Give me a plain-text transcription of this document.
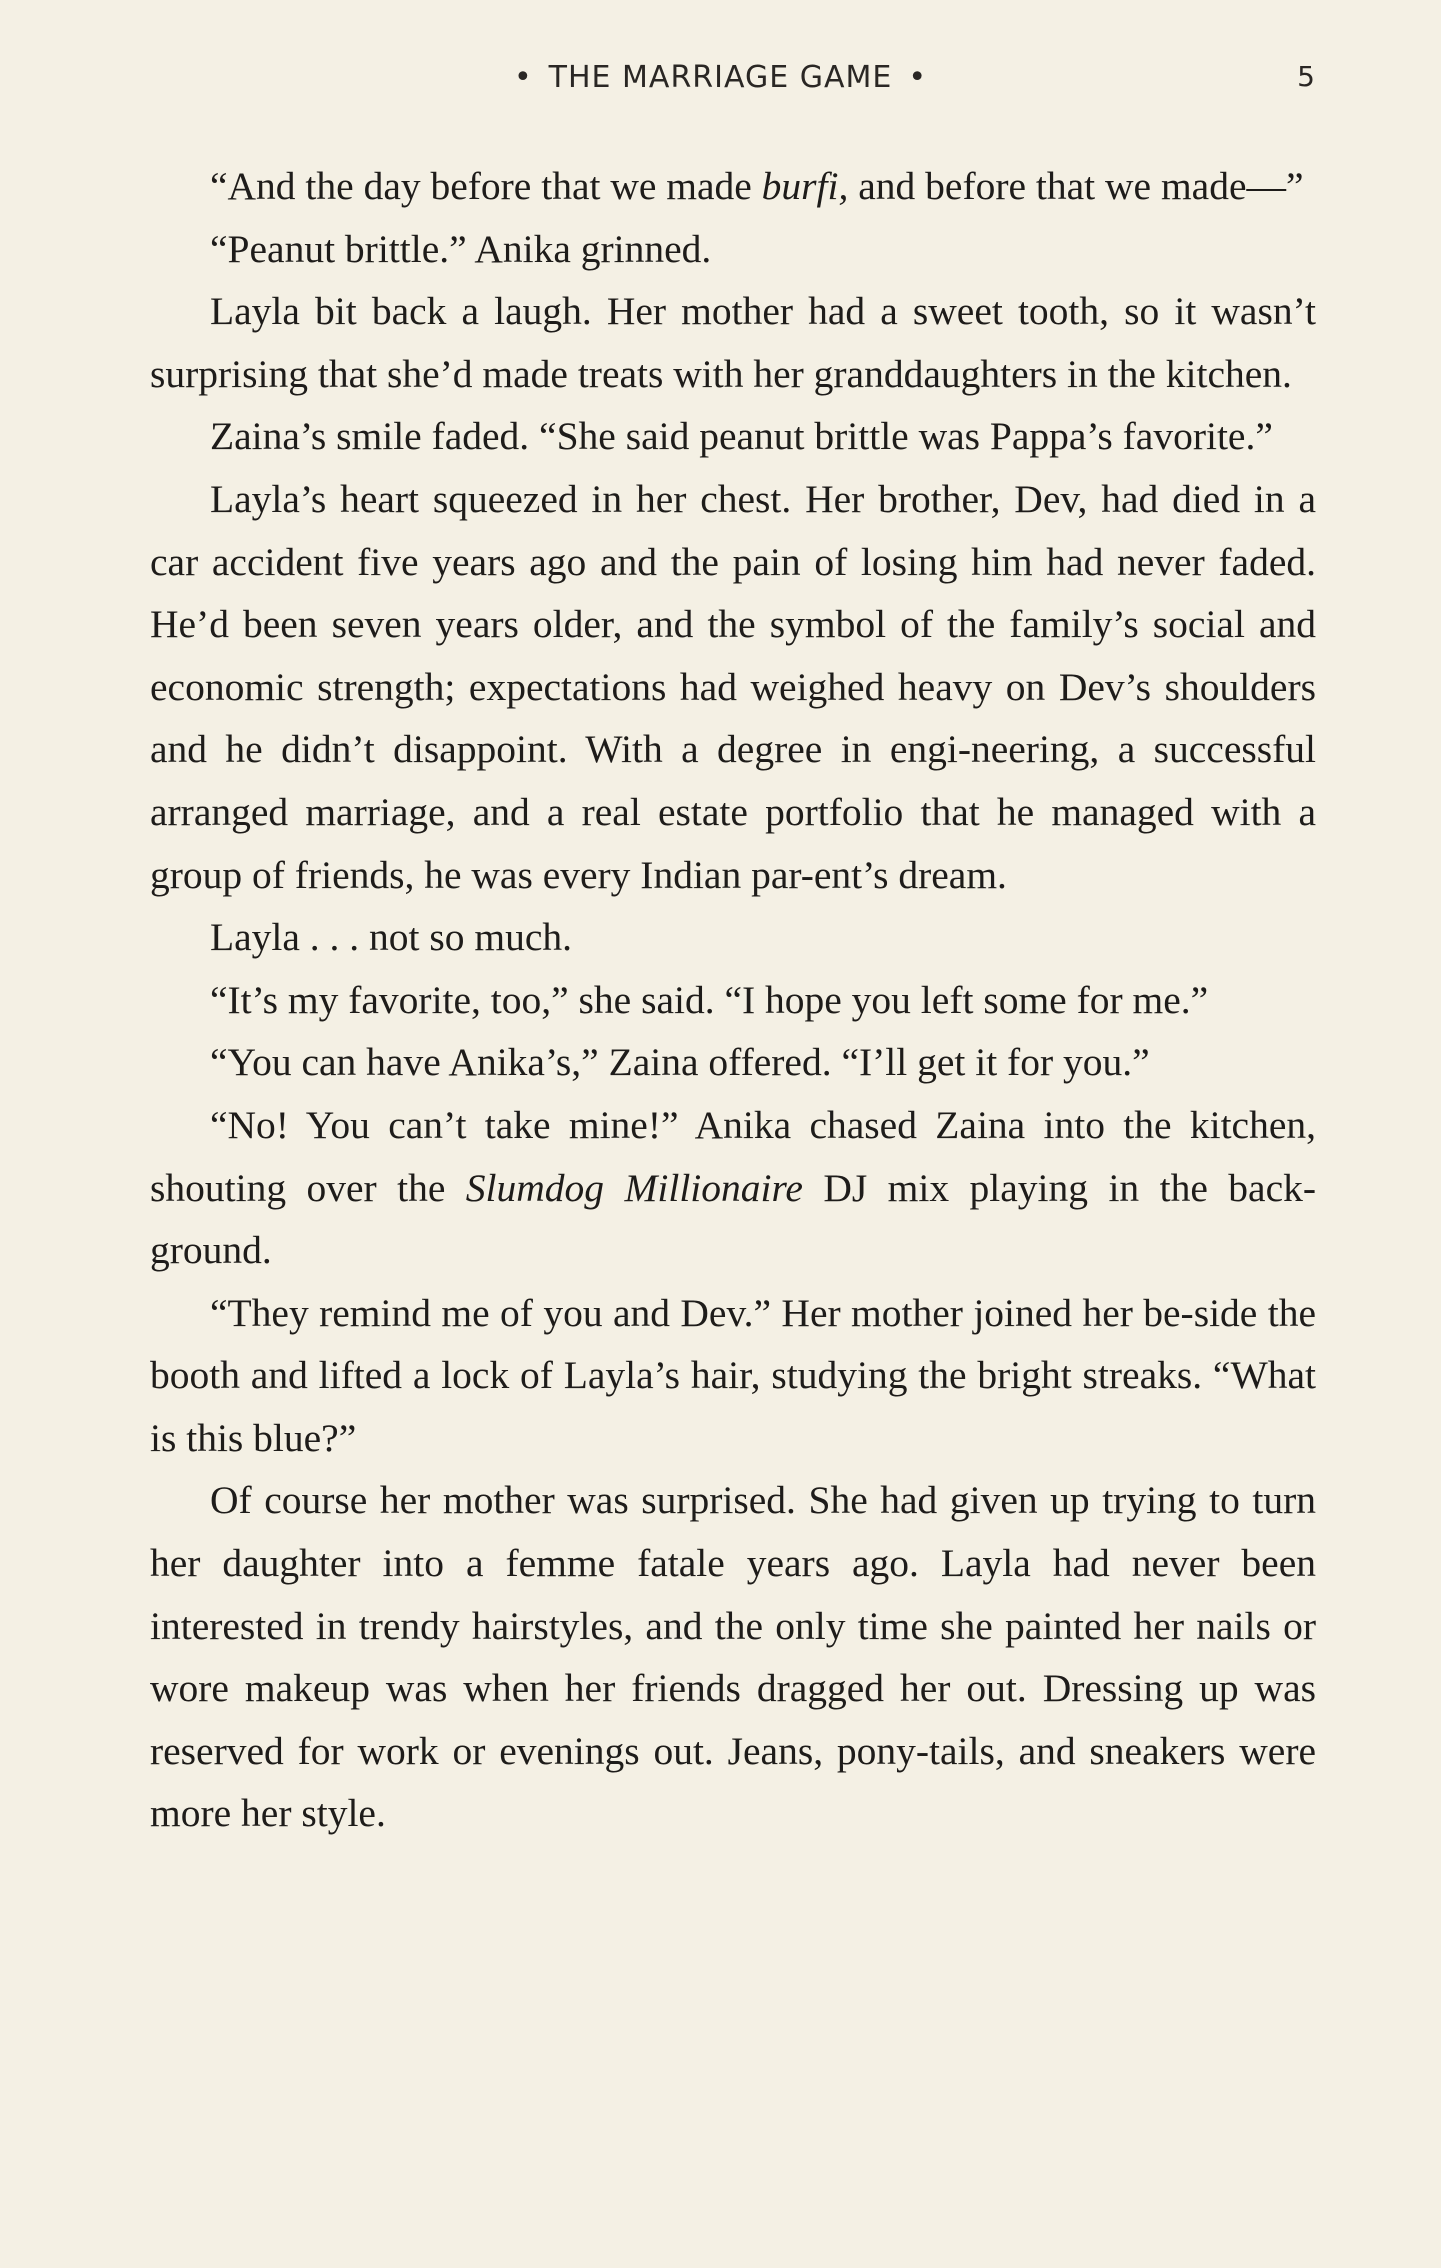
• THE MARRIAGE GAME •	5

“And the day before that we made burfi, and before that we made—”

“Peanut brittle.” Anika grinned.

Layla bit back a laugh. Her mother had a sweet tooth, so it wasn’t surprising that she’d made treats with her granddaughters in the kitchen.

Zaina’s smile faded. “She said peanut brittle was Pappa’s favorite.”

Layla’s heart squeezed in her chest. Her brother, Dev, had died in a car accident five years ago and the pain of losing him had never faded. He’d been seven years older, and the symbol of the family’s social and economic strength; expectations had weighed heavy on Dev’s shoulders and he didn’t disappoint. With a degree in engi-neering, a successful arranged marriage, and a real estate portfolio that he managed with a group of friends, he was every Indian par-ent’s dream.

Layla . . . not so much.

“It’s my favorite, too,” she said. “I hope you left some for me.”

“You can have Anika’s,” Zaina offered. “I’ll get it for you.”

“No! You can’t take mine!” Anika chased Zaina into the kitchen, shouting over the Slumdog Millionaire DJ mix playing in the back-ground.

“They remind me of you and Dev.” Her mother joined her be-side the booth and lifted a lock of Layla’s hair, studying the bright streaks. “What is this blue?”

Of course her mother was surprised. She had given up trying to turn her daughter into a femme fatale years ago. Layla had never been interested in trendy hairstyles, and the only time she painted her nails or wore makeup was when her friends dragged her out. Dressing up was reserved for work or evenings out. Jeans, pony-tails, and sneakers were more her style.
